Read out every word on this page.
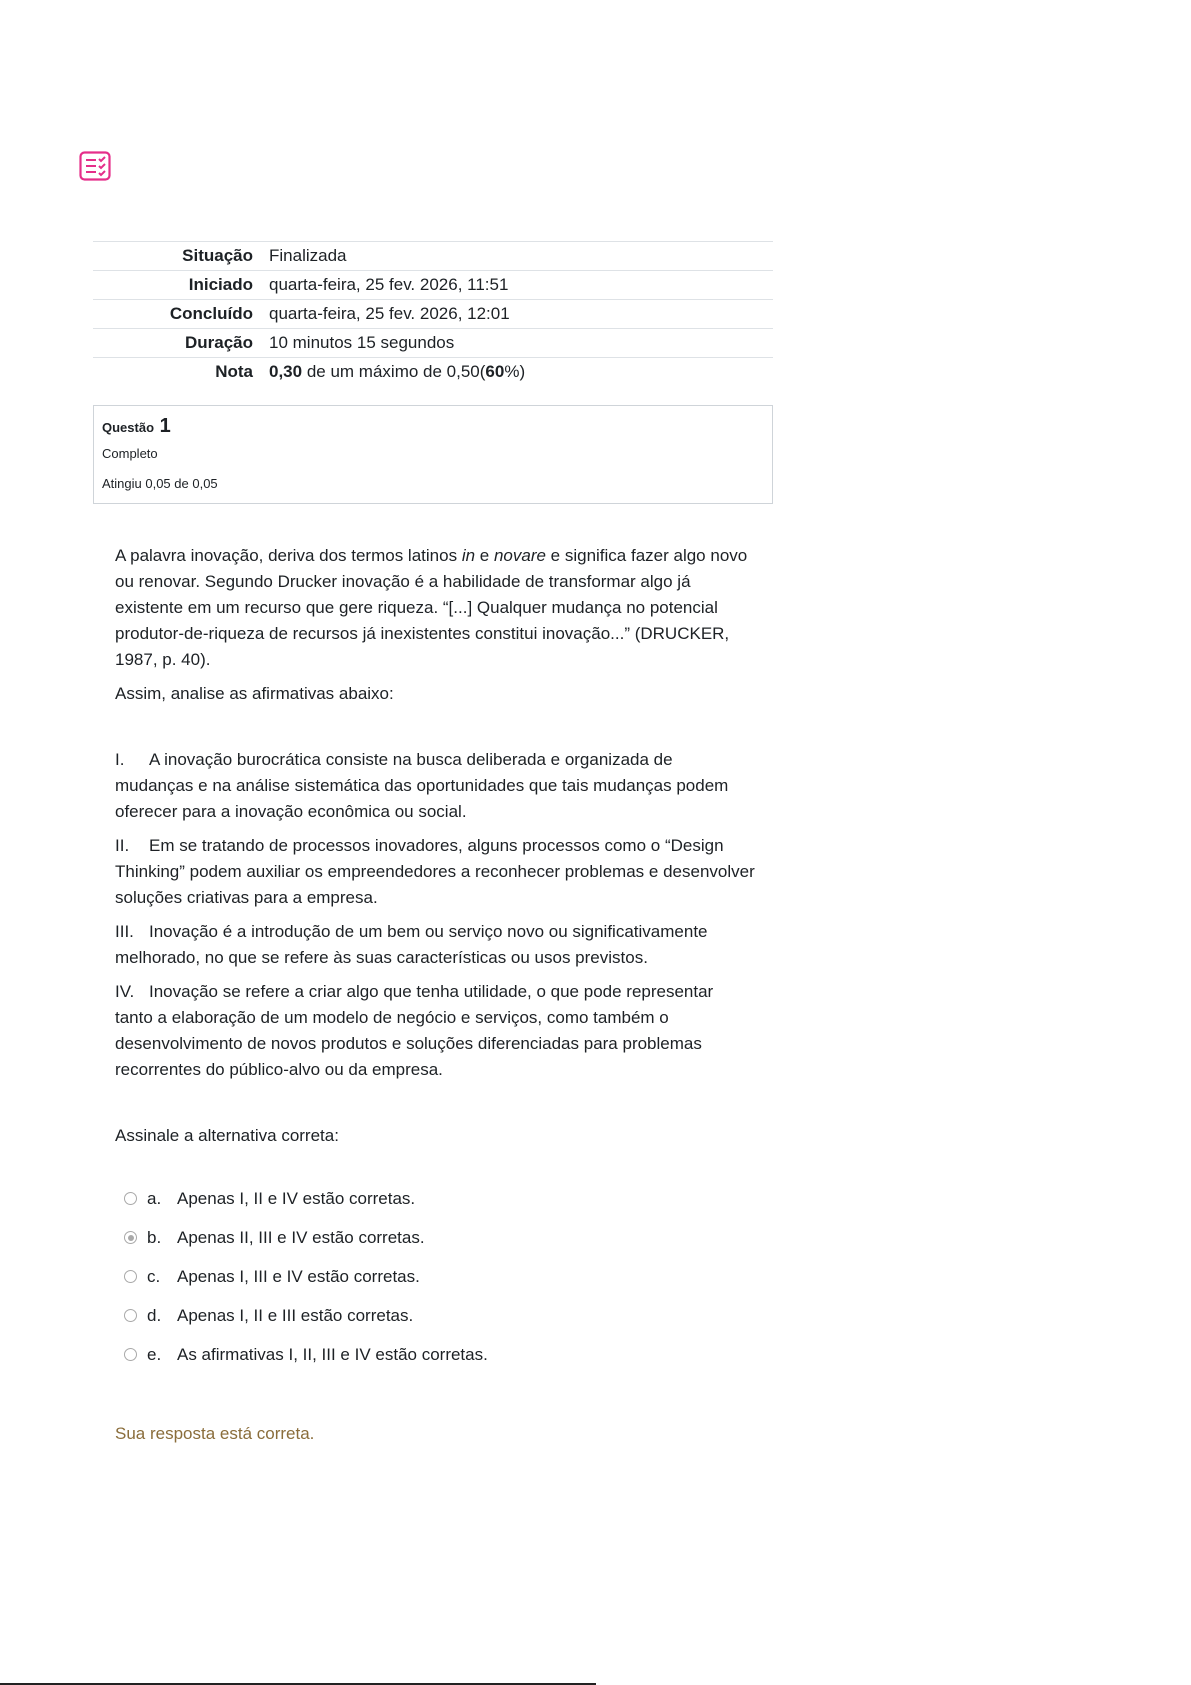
Situação	Finalizada
Iniciado	quarta-feira, 25 fev. 2026, 11:51
Concluído	quarta-feira, 25 fev. 2026, 12:01
Duração	10 minutos 15 segundos
Nota	0,30 de um máximo de 0,50(60%)
Questão 1
Completo
Atingiu 0,05 de 0,05

A palavra inovação, deriva dos termos latinos in e novare e significa fazer algo novo ou renovar. Segundo Drucker inovação é a habilidade de transformar algo já existente em um recurso que gere riqueza. “[...] Qualquer mudança no potencial produtor-de-riqueza de recursos já inexistentes constitui inovação...” (DRUCKER, 1987, p. 40).

Assim, analise as afirmativas abaixo:

I. A inovação burocrática consiste na busca deliberada e organizada de mudanças e na análise sistemática das oportunidades que tais mudanças podem oferecer para a inovação econômica ou social.

II. Em se tratando de processos inovadores, alguns processos como o “Design Thinking” podem auxiliar os empreendedores a reconhecer problemas e desenvolver soluções criativas para a empresa.

III. Inovação é a introdução de um bem ou serviço novo ou significativamente melhorado, no que se refere às suas características ou usos previstos.

IV. Inovação se refere a criar algo que tenha utilidade, o que pode representar tanto a elaboração de um modelo de negócio e serviços, como também o desenvolvimento de novos produtos e soluções diferenciadas para problemas recorrentes do público-alvo ou da empresa.

Assinale a alternativa correta:

a. Apenas I, II e IV estão corretas.
b. Apenas II, III e IV estão corretas.
c. Apenas I, III e IV estão corretas.
d. Apenas I, II e III estão corretas.
e. As afirmativas I, II, III e IV estão corretas.
Sua resposta está correta.
